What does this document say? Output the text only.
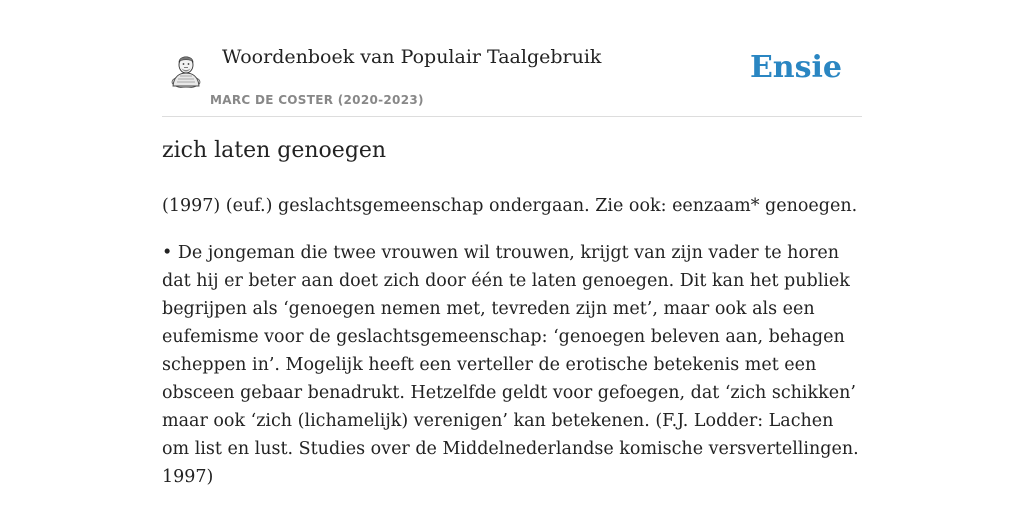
Woordenboek van Populair Taalgebruik
MARC DE COSTER (2020-2023)
Ensie
zich laten genoegen

(1997) (euf.) geslachtsgemeenschap ondergaan. Zie ook: eenzaam* genoegen.

• De jongeman die twee vrouwen wil trouwen, krijgt van zijn vader te horen dat hij er beter aan doet zich door één te laten genoegen. Dit kan het publiek begrijpen als ‘genoegen nemen met, tevreden zijn met’, maar ook als een eufemisme voor de geslachtsgemeenschap: ‘genoegen beleven aan, behagen scheppen in’. Mogelijk heeft een verteller de erotische betekenis met een obsceen gebaar benadrukt. Hetzelfde geldt voor gefoegen, dat ‘zich schikken’ maar ook ‘zich (lichamelijk) verenigen’ kan betekenen. (F.J. Lodder: Lachen om list en lust. Studies over de Middelnederlandse komische versvertellingen. 1997)
